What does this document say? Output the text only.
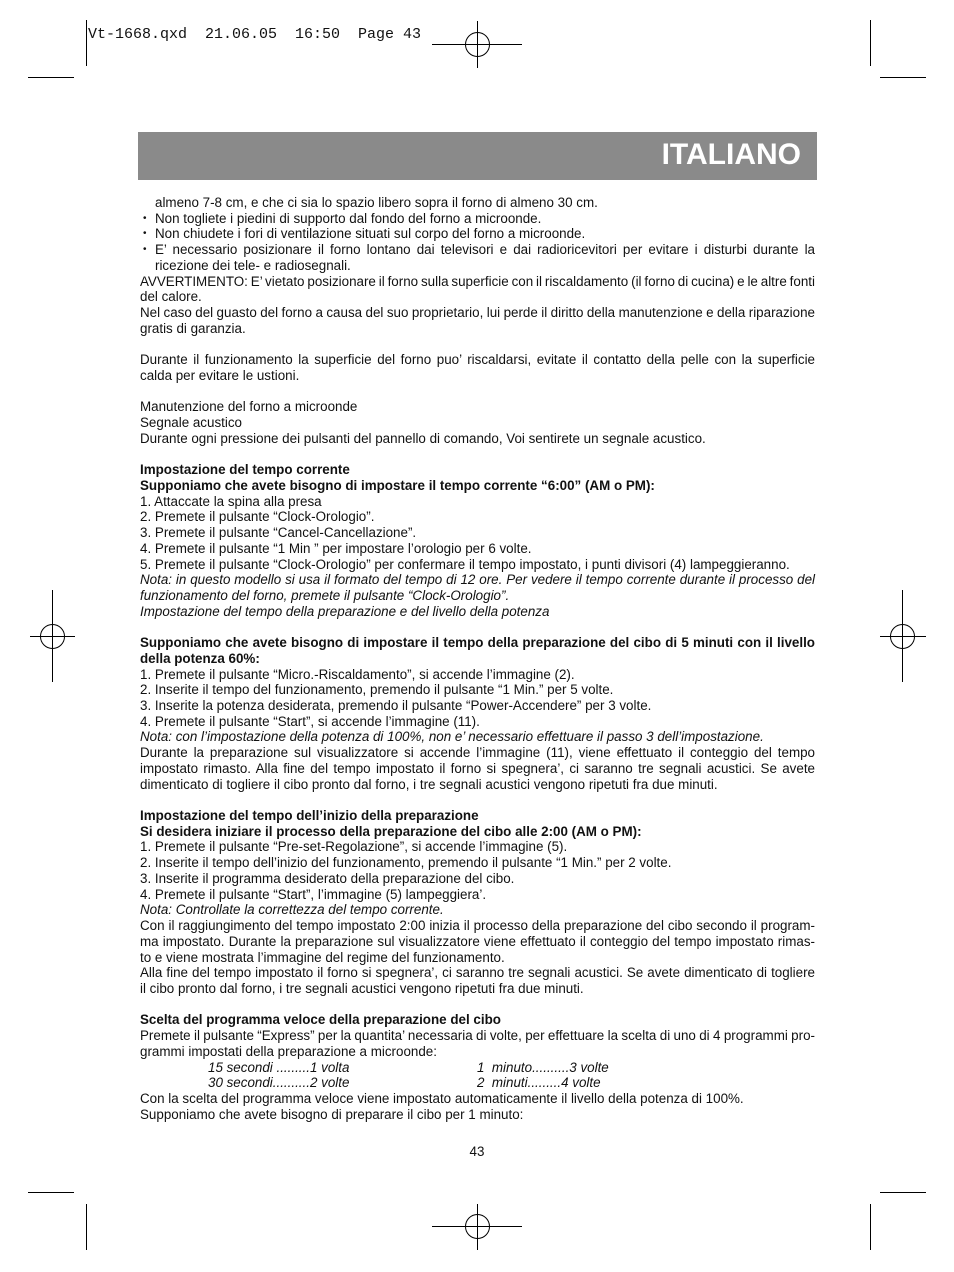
Vt-1668.qxd  21.06.05  16:50  Page 43
ITALIANO
almeno 7-8 cm, e che ci sia lo spazio libero sopra il forno di almeno 30 cm.
• Non togliete i piedini di supporto dal fondo del forno a microonde.
• Non chiudete i fori di ventilazione situati sul corpo del forno a microonde.
• E’ necessario posizionare il forno lontano dai televisori e dai radioricevitori per evitare i disturbi durante la
ricezione dei tele- e radiosegnali.
AVVERTIMENTO: E’ vietato posizionare il forno sulla superficie con il riscaldamento (il forno di cucina) e le altre fonti
del calore.
Nel caso del guasto del forno a causa del suo proprietario, lui perde il diritto della manutenzione e della riparazione
gratis di garanzia.
Durante il funzionamento la superficie del forno puo’ riscaldarsi, evitate il contatto della pelle con la superficie
calda per evitare le ustioni.
Manutenzione del forno a microonde
Segnale acustico
Durante ogni pressione dei pulsanti del pannello di comando, Voi sentirete un segnale acustico.
Impostazione del tempo corrente
Supponiamo che avete bisogno di impostare il tempo corrente “6:00” (AM o PM):
1. Attaccate la spina alla presa
2. Premete il pulsante “Clock-Orologio”.
3. Premete il pulsante “Cancel-Cancellazione”.
4. Premete il pulsante “1 Min ” per impostare l’orologio per 6 volte.
5. Premete il pulsante “Clock-Orologio” per confermare il tempo impostato, i punti divisori (4) lampeggieranno.
Nota: in questo modello si usa il formato del tempo di 12 ore. Per vedere il tempo corrente durante il processo del
funzionamento del forno, premete il pulsante “Clock-Orologio”.
Impostazione del tempo della preparazione e del livello della potenza
Supponiamo che avete bisogno di impostare il tempo della preparazione del cibo di 5 minuti con il livello
della potenza 60%:
1. Premete il pulsante “Micro.-Riscaldamento”, si accende l’immagine (2).
2. Inserite il tempo del funzionamento, premendo il pulsante “1 Min.” per 5 volte.
3. Inserite la potenza desiderata, premendo il pulsante “Power-Accendere” per 3 volte.
4. Premete il pulsante “Start”, si accende l’immagine (11).
Nota: con l’impostazione della potenza di 100%, non e’ necessario effettuare il passo 3 dell’impostazione.
Durante la preparazione sul visualizzatore si accende l’immagine (11), viene effettuato il conteggio del tempo
impostato rimasto. Alla fine del tempo impostato il forno si spegnera’, ci saranno tre segnali acustici. Se avete
dimenticato di togliere il cibo pronto dal forno, i tre segnali acustici vengono ripetuti fra due minuti.
Impostazione del tempo dell’inizio della preparazione
Si desidera iniziare il processo della preparazione del cibo alle 2:00 (AM o PM):
1. Premete il pulsante “Pre-set-Regolazione”, si accende l’immagine (5).
2. Inserite il tempo dell’inizio del funzionamento, premendo il pulsante “1 Min.” per 2 volte.
3. Inserite il programma desiderato della preparazione del cibo.
4. Premete il pulsante “Start”, l’immagine (5) lampeggiera’.
Nota: Controllate la correttezza del tempo corrente.
Con il raggiungimento del tempo impostato 2:00 inizia il processo della preparazione del cibo secondo il program-
ma impostato. Durante la preparazione sul visualizzatore viene effettuato il conteggio del tempo impostato rimas-
to e viene mostrata l’immagine del regime del funzionamento.
Alla fine del tempo impostato il forno si spegnera’, ci saranno tre segnali acustici. Se avete dimenticato di togliere
il cibo pronto dal forno, i tre segnali acustici vengono ripetuti fra due minuti.
Scelta del programma veloce della preparazione del cibo
Premete il pulsante “Express” per la quantita’ necessaria di volte, per effettuare la scelta di uno di 4 programmi pro-
grammi impostati della preparazione a microonde:
15 secondi .........1 volta	1  minuto..........3 volte
30 secondi..........2 volte	2  minuti.........4 volte
Con la scelta del programma veloce viene impostato automaticamente il livello della potenza di 100%.
Supponiamo che avete bisogno di preparare il cibo per 1 minuto:
43
